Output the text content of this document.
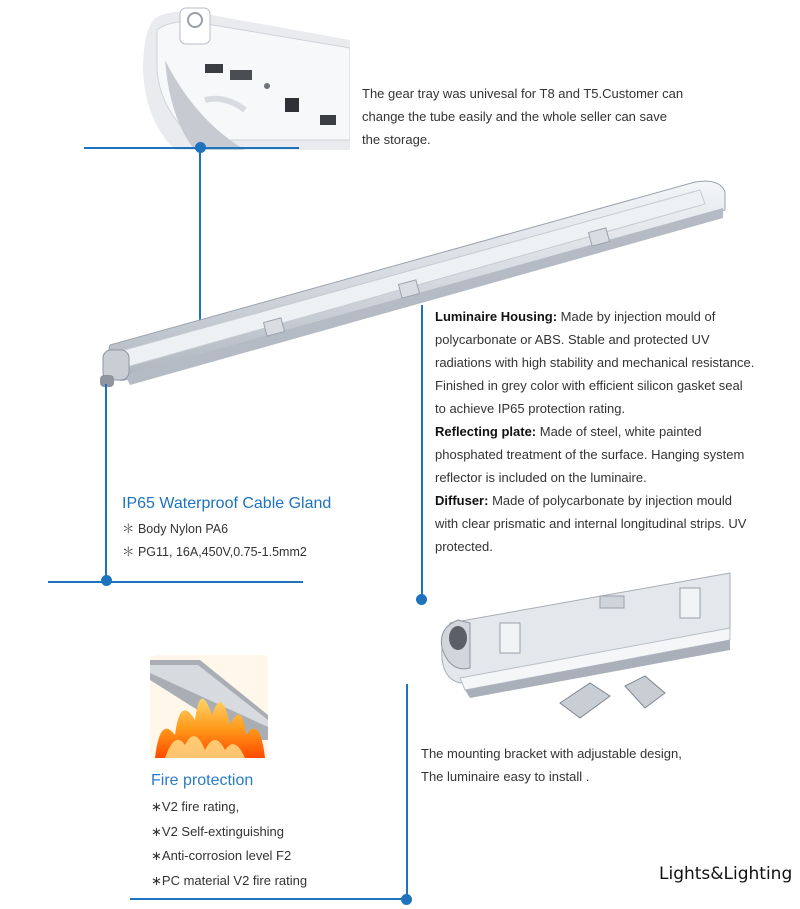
The gear tray was univesal for T8 and T5.Customer can change the tube easily and the whole seller can save the storage.
Luminaire Housing: Made by injection mould of polycarbonate or ABS. Stable and protected UV radiations with high stability and mechanical resistance. Finished in grey color with efficient silicon gasket seal to achieve IP65 protection rating.
Reflecting plate: Made of steel, white painted phosphated treatment of the surface. Hanging system reflector is included on the luminaire.
Diffuser: Made of polycarbonate by injection mould with clear prismatic and internal longitudinal strips. UV protected.
IP65 Waterproof Cable Gland
＊ Body Nylon PA6
＊ PG11, 16A,450V,0.75-1.5mm2
The mounting bracket with adjustable design,
The luminaire easy to install .
Fire protection
∗V2 fire rating,
∗V2 Self-extinguishing
∗Anti-corrosion level F2
∗PC material V2 fire rating	Lights&Lighting
